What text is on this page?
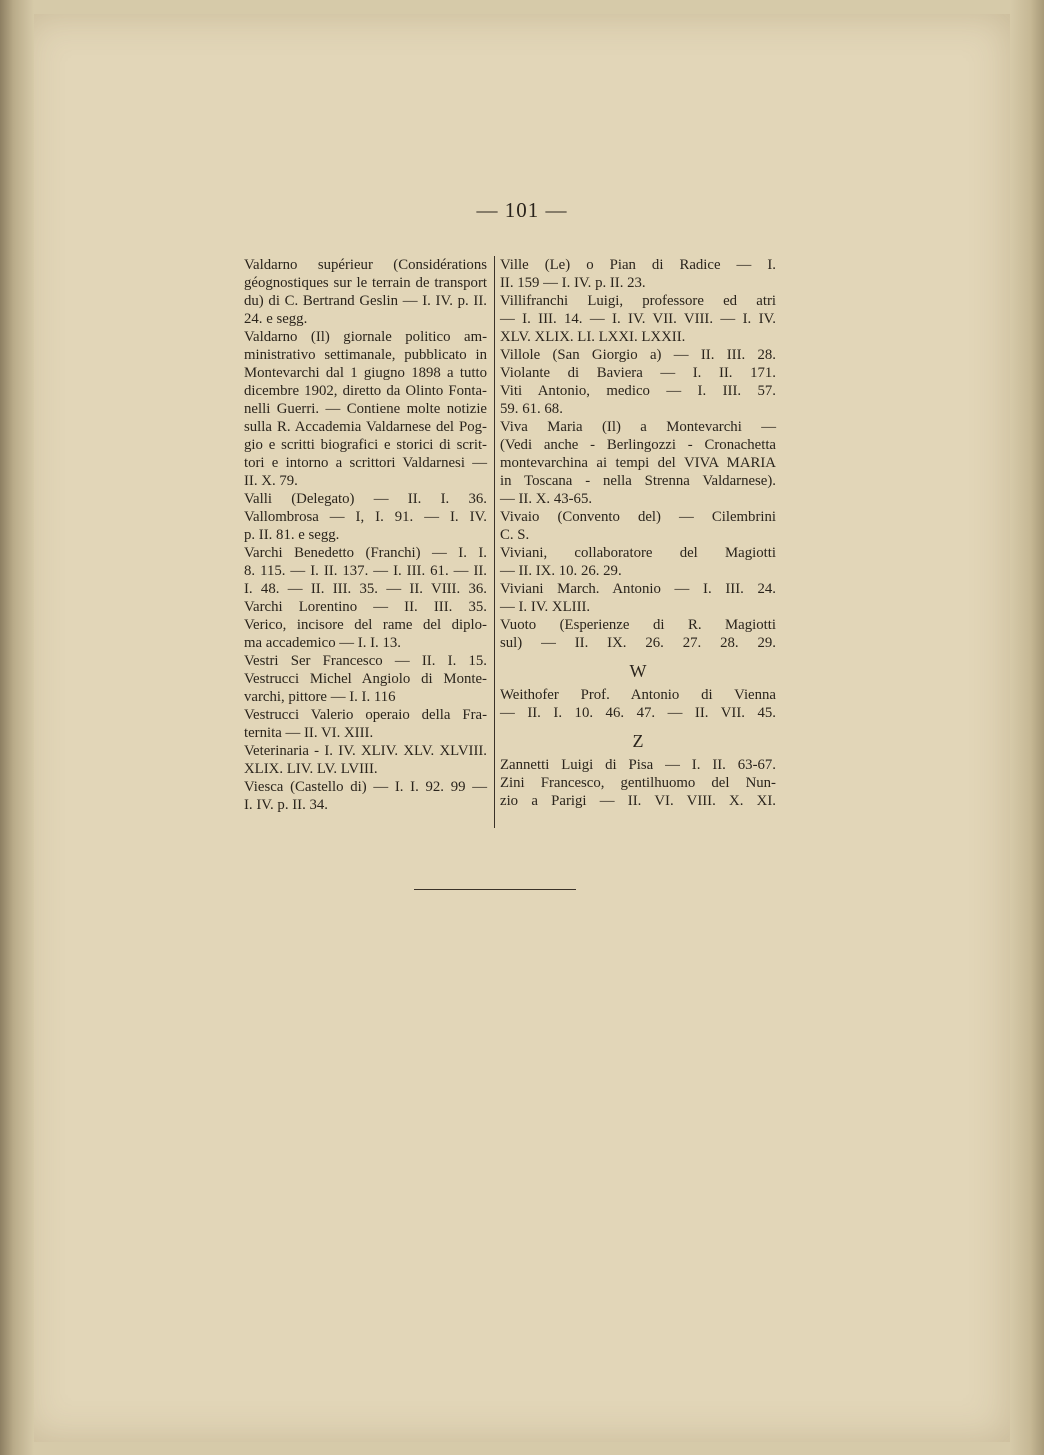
— 101 —
Valdarno supérieur (Considérations
géognostiques sur le terrain de transport
du) di C. Bertrand Geslin — I. IV. p. II.
24. e segg.
Valdarno (Il) giornale politico am-
ministrativo settimanale, pubblicato in
Montevarchi dal 1 giugno 1898 a tutto
dicembre 1902, diretto da Olinto Fonta-
nelli Guerri. — Contiene molte notizie
sulla R. Accademia Valdarnese del Pog-
gio e scritti biografici e storici di scrit-
tori e intorno a scrittori Valdarnesi —
II. X. 79.
Valli (Delegato) — II. I. 36.
Vallombrosa — I, I. 91. — I. IV.
p. II. 81. e segg.
Varchi Benedetto (Franchi) — I. I.
8. 115. — I. II. 137. — I. III. 61. — II.
I. 48. — II. III. 35. — II. VIII. 36.
Varchi Lorentino — II. III. 35.
Verico, incisore del rame del diplo-
ma accademico — I. I. 13.
Vestri Ser Francesco — II. I. 15.
Vestrucci Michel Angiolo di Monte-
varchi, pittore — I. I. 116
Vestrucci Valerio operaio della Fra-
ternita — II. VI. XIII.
Veterinaria - I. IV. XLIV. XLV. XLVIII.
XLIX. LIV. LV. LVIII.
Viesca (Castello di) — I. I. 92. 99 —
I. IV. p. II. 34.
Ville (Le) o Pian di Radice — I.
II. 159 — I. IV. p. II. 23.
Villifranchi Luigi, professore ed atri
— I. III. 14. — I. IV. VII. VIII. — I. IV.
XLV. XLIX. LI. LXXI. LXXII.
Villole (San Giorgio a) — II. III. 28.
Violante di Baviera — I. II. 171.
Viti Antonio, medico — I. III. 57.
59. 61. 68.
Viva Maria (Il) a Montevarchi —
(Vedi anche - Berlingozzi - Cronachetta
montevarchina ai tempi del VIVA MARIA
in Toscana - nella Strenna Valdarnese).
— II. X. 43-65.
Vivaio (Convento del) — Cilembrini
C. S.
Viviani, collaboratore del Magiotti
— II. IX. 10. 26. 29.
Viviani March. Antonio — I. III. 24.
— I. IV. XLIII.
Vuoto (Esperienze di R. Magiotti
sul) — II. IX. 26. 27. 28. 29.
W
Weithofer Prof. Antonio di Vienna
— II. I. 10. 46. 47. — II. VII. 45.
Z
Zannetti Luigi di Pisa — I. II. 63-67.
Zini Francesco, gentilhuomo del Nun-
zio a Parigi — II. VI. VIII. X. XI.
